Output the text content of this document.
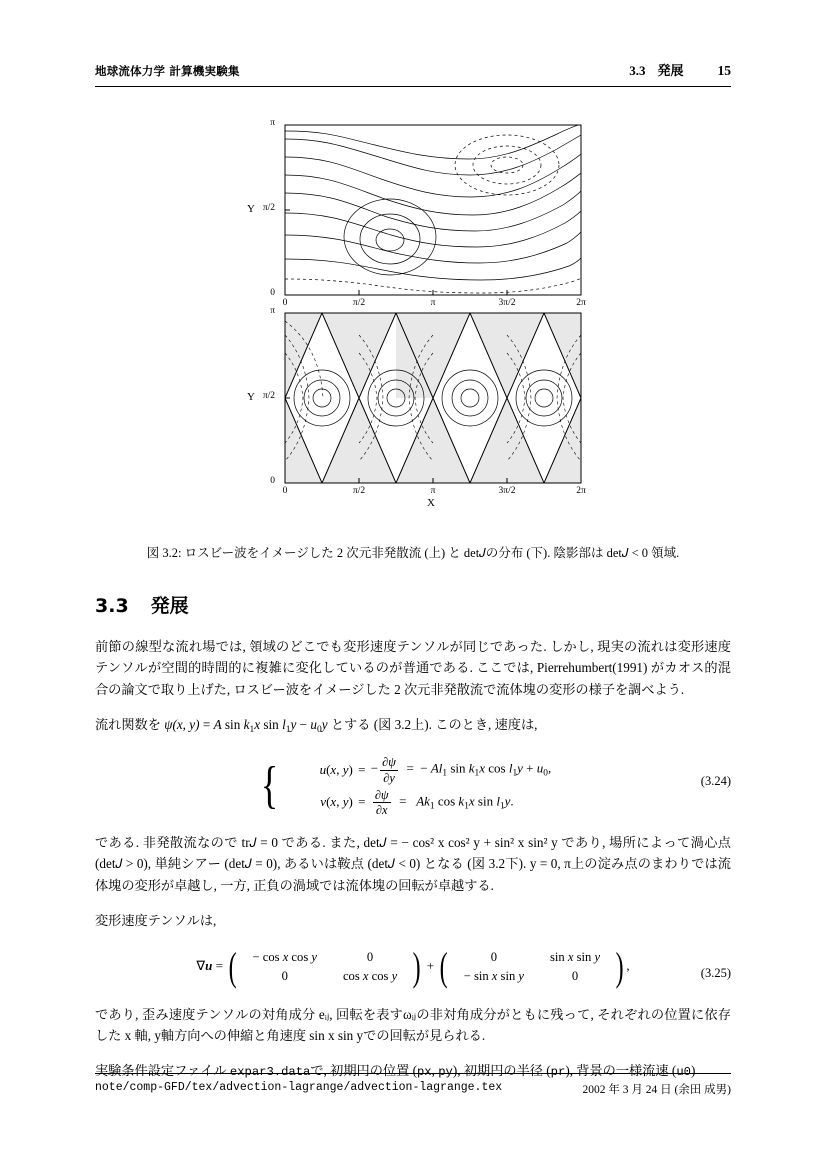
地球流体力学 計算機実験集	3.3 発展	15
π
π/2
0
Y
0	π/2	π	3π/2	2π
π
π/2
0
Y
0	π/2	π	3π/2	2π
X
図 3.2: ロスビー波をイメージした 2 次元非発散流 (上) と det𝐽の分布 (下). 陰影部は det𝐽 < 0 領域.
3.3 発展

前節の線型な流れ場では, 領域のどこでも変形速度テンソルが同じであった. しかし, 現実の流れは変形速度テンソルが空間的時間的に複雑に変化しているのが普通である. ここでは, Pierrehumbert(1991) がカオス的混合の論文で取り上げた, ロスビー波をイメージした 2 次元非発散流で流体塊の変形の様子を調べよう.

流れ関数を ψ(x, y) = A $\sin k_1x$ $\sin l_1y - u_0y$ とする (図 3.2上). このとき, 速度は,

{	u(x, y) = − $\frac{\partial\psi}{\partial y}$ =  − $Al_1$ $\sin k_1x$ $\cos l_1y + u_0$,
v(x, $y) = \frac{\partial\psi}{\partial x} = Ak_1$ $\cos k_1x$ $\sin l_1y$.
(3.24)

である. 非発散流なので tr𝐽 = 0 である. また, det𝐽 = − cos² x cos² y + sin² x sin² y であり, 場所によって渦心点 (det𝐽 > 0), 単純シアー (det𝐽 = 0), あるいは鞍点 (det𝐽 < 0) となる (図 3.2下). y = 0, π上の淀み点のまわりでは流体塊の変形が卓越し, 一方, 正負の渦域では流体塊の回転が卓越する.

変形速度テンソルは,

∇u = ( − cos x cos y	0
0	cos x cos y ) + (	0	sin x sin y
− sin x sin y	0 ) ,
(3.25)

であり, 歪み速度テンソルの対角成分 eᵢⱼ, 回転を表すωᵢⱼの非対角成分がともに残って, それぞれの位置に依存した x 軸, y軸方向への伸縮と角速度 sin x sin yでの回転が見られる.

実験条件設定ファイル expar3.dataで, 初期円の位置 (px, py), 初期円の半径 (pr), 背景の一様流速 (u0)

note/comp-GFD/tex/advection-lagrange/advection-lagrange.tex	2002 年 3 月 24 日 (余田 成男)
